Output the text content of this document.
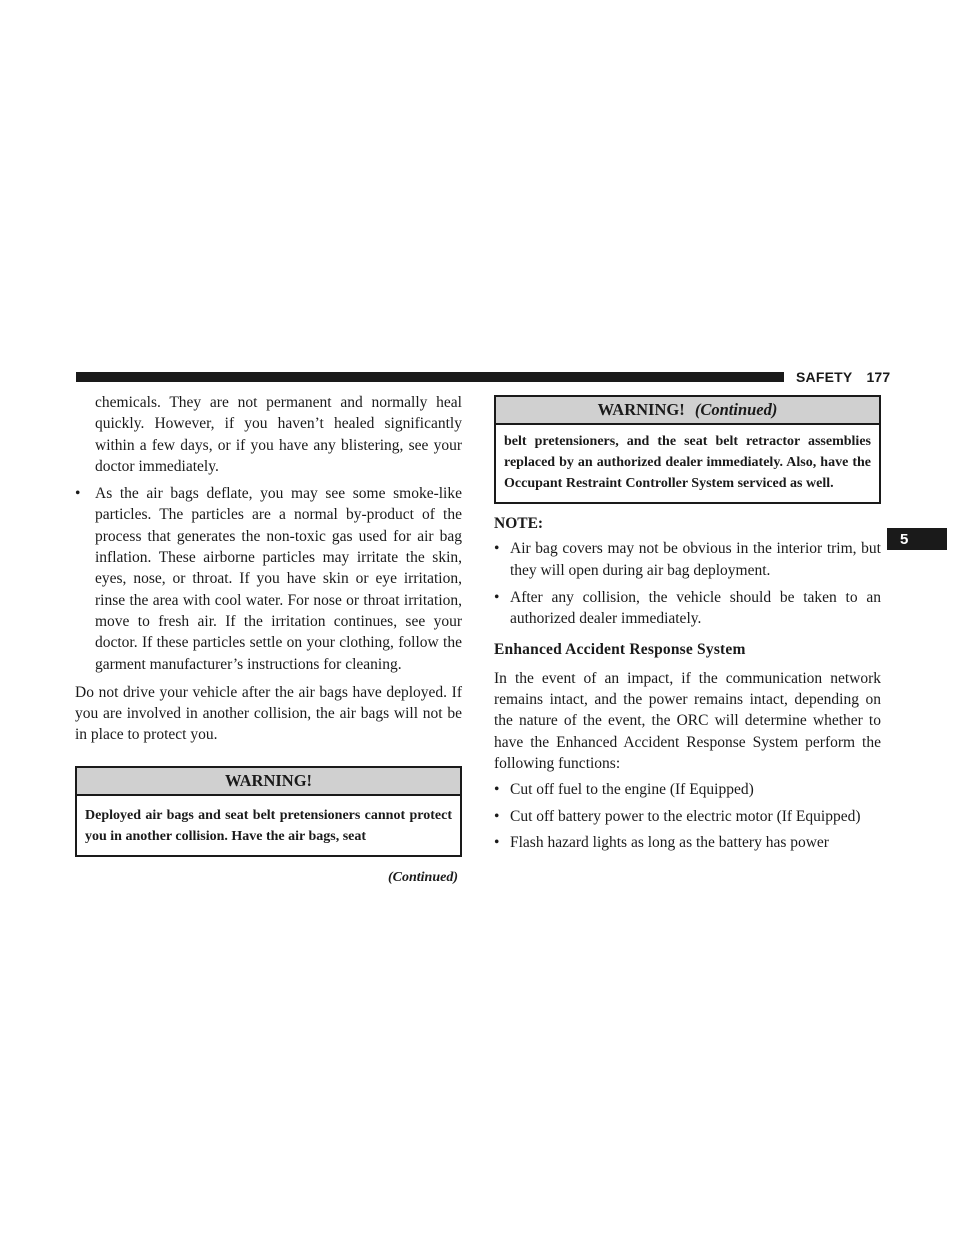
SAFETY 177
5

chemicals. They are not permanent and normally heal quickly. However, if you haven’t healed significantly within a few days, or if you have any blistering, see your doctor immediately.

• As the air bags deflate, you may see some smoke-like particles. The particles are a normal by-product of the process that generates the non-toxic gas used for air bag inflation. These airborne particles may irritate the skin, eyes, nose, or throat. If you have skin or eye irritation, rinse the area with cool water. For nose or throat irritation, move to fresh air. If the irritation continues, see your doctor. If these particles settle on your clothing, follow the garment manufacturer’s instructions for cleaning.

Do not drive your vehicle after the air bags have deployed. If you are involved in another collision, the air bags will not be in place to protect you.

WARNING!
Deployed air bags and seat belt pretensioners cannot protect you in another collision. Have the air bags, seat
(Continued)
WARNING! (Continued)
belt pretensioners, and the seat belt retractor assemblies replaced by an authorized dealer immediately. Also, have the Occupant Restraint Controller System serviced as well.
NOTE:
• Air bag covers may not be obvious in the interior trim, but they will open during air bag deployment.
• After any collision, the vehicle should be taken to an authorized dealer immediately.
Enhanced Accident Response System

In the event of an impact, if the communication network remains intact, and the power remains intact, depending on the nature of the event, the ORC will determine whether to have the Enhanced Accident Response System perform the following functions:

• Cut off fuel to the engine (If Equipped)
• Cut off battery power to the electric motor (If Equipped)
• Flash hazard lights as long as the battery has power
